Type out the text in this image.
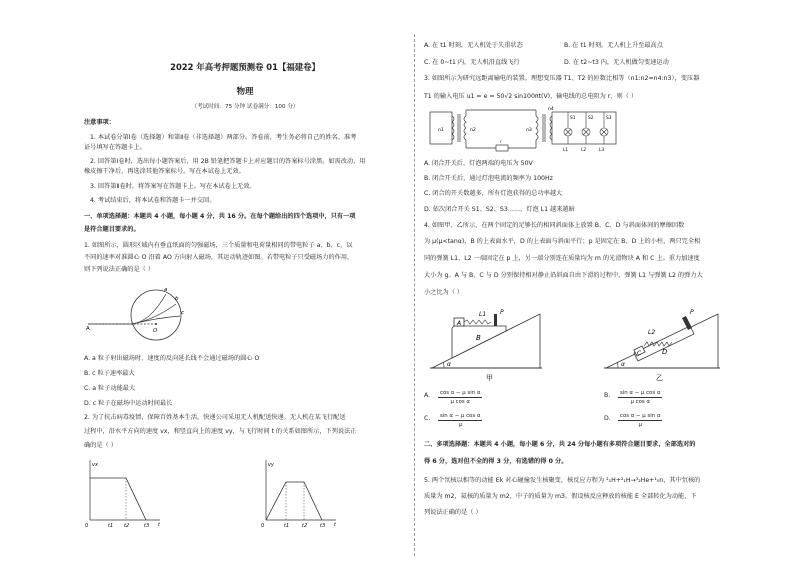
2022 年高考押题预测卷 01【福建卷】
物理
（考试时间：75 分钟 试卷满分：100 分）
注意事项：
1. 本试卷分第Ⅰ卷（选择题）和第Ⅱ卷（非选择题）两部分。答卷前，考生务必将自己的姓名、准考
证号填写在答题卡上。
2. 回答第Ⅰ卷时，选出每小题答案后，用 2B 铅笔把答题卡上对应题目的答案标号涂黑。如需改动，用
橡皮擦干净后，再选涂其他答案标号。写在本试卷上无效。
3. 回答第Ⅱ卷时，将答案写在答题卡上。写在本试卷上无效。
4. 考试结束后，将本试卷和答题卡一并交回。
一、单项选择题：本题共 4 小题，每小题 4 分，共 16 分。在每个题给出的四个选项中，只有一项
是符合题目要求的。
1. 如图所示，圆形区域内有垂直纸面的匀强磁场，三个质量和电荷量相同的带电粒子 a、b、c，以
不同的速率对准圆心 O 沿着 AO 方向射入磁场，其运动轨迹如图。若带电粒子只受磁场力的作用，
则下列说法正确的是（ ）
A
a
b
c
O
A. a 粒子射出磁场时，速度的反向延长线不会通过磁场的圆心 O
B. c 粒子速率最大
C. a 粒子动能最大
D. c 粒子在磁场中运动时间最长
2. 为了抗击病毒疫情，保障百姓基本生活，快递公司采用无人机配送快递。无人机在某飞行配送
过程中，沿水平方向的速度 vx，和竖直向上的速度 vy，与飞行时间 t 的关系如图所示，下列说法正
确的是（ ）
vx
t
0	t1 t2	t3
vy
t
0	t1	t2	t3
A. 在 t1 时刻，无人机处于失重状态	B. 在 t1 时刻，无人机上升至最高点
C. 在 0~t1 内，无人机沿直线飞行	D. 在 t2~t3 内，无人机做匀变速运动
3. 如图所示为研究远距离输电的装置。理想变压器 T1、T2 的匝数比相等（n1:n2=n4:n3），变压器
T1 的输入电压 u1 = e = 50√2 sin100πt(V)，输电线的总电阻为 r，则（ ）
n1	n2	n3
n4
r
S1	S2	S3
L1	L2	L3
A. 闭合开关后，灯泡两端的电压为 50V
B. 闭合开关后，通过灯泡电流的频率为 100Hz
C. 闭合的开关数越多，所有灯泡获得的总功率越大
D. 依次闭合开关 S1、S2、S3……，灯泡 L1 越来越暗
4. 如图甲、乙所示，在两个固定的足够长的相同斜面体上放置 B、C、D 与斜面体间的摩擦因数
为 μ(μ<tanα)，B 的上表面水平，D 的上表面与斜面平行；p 是固定在 B、D 上的小柱，两只完全相
同的弹簧 L1、L2 一端固定在 p 上，另一端分别连在质量均为 m 的光滑物块 A 和 C 上。重力加速度
大小为 g。A 与 B、C 与 D 分别保持相对静止沿斜面自由下滑的过程中，弹簧 L1 与弹簧 L2 的弹力大
小之比为（ ）
α
A
B
L1 P
甲
α
C	D
L2
P
乙
A. $\frac{\text{cos α − μ sin α}}{\text{μ cos α}}$	B. $\frac{\text{sin α − μ cos α}}{\text{μ cos α}}$
C. $\frac{\text{sin α − μ cos α}}{\mu}$	D. $\frac{\text{cos α − μ sin α}}{\mu}$
二、多项选择题：本题共 4 小题，每小题 6 分，共 24 分每小题有多项符合题目要求，全部选对的
得 6 分，选对但不全的得 3 分，有选错的得 0 分。
5. 两个氘核以相等的动能 Ek 对心碰撞发生核聚变，核反应方程为 ²₁H+²₁H→³₂He+¹₀n，其中氘核的
质量为 m2，氦核的质量为 m2，中子的质量为 m3。假设核反应释放的核能 E 全部转化为动能，下
列说法正确的是（ ）
